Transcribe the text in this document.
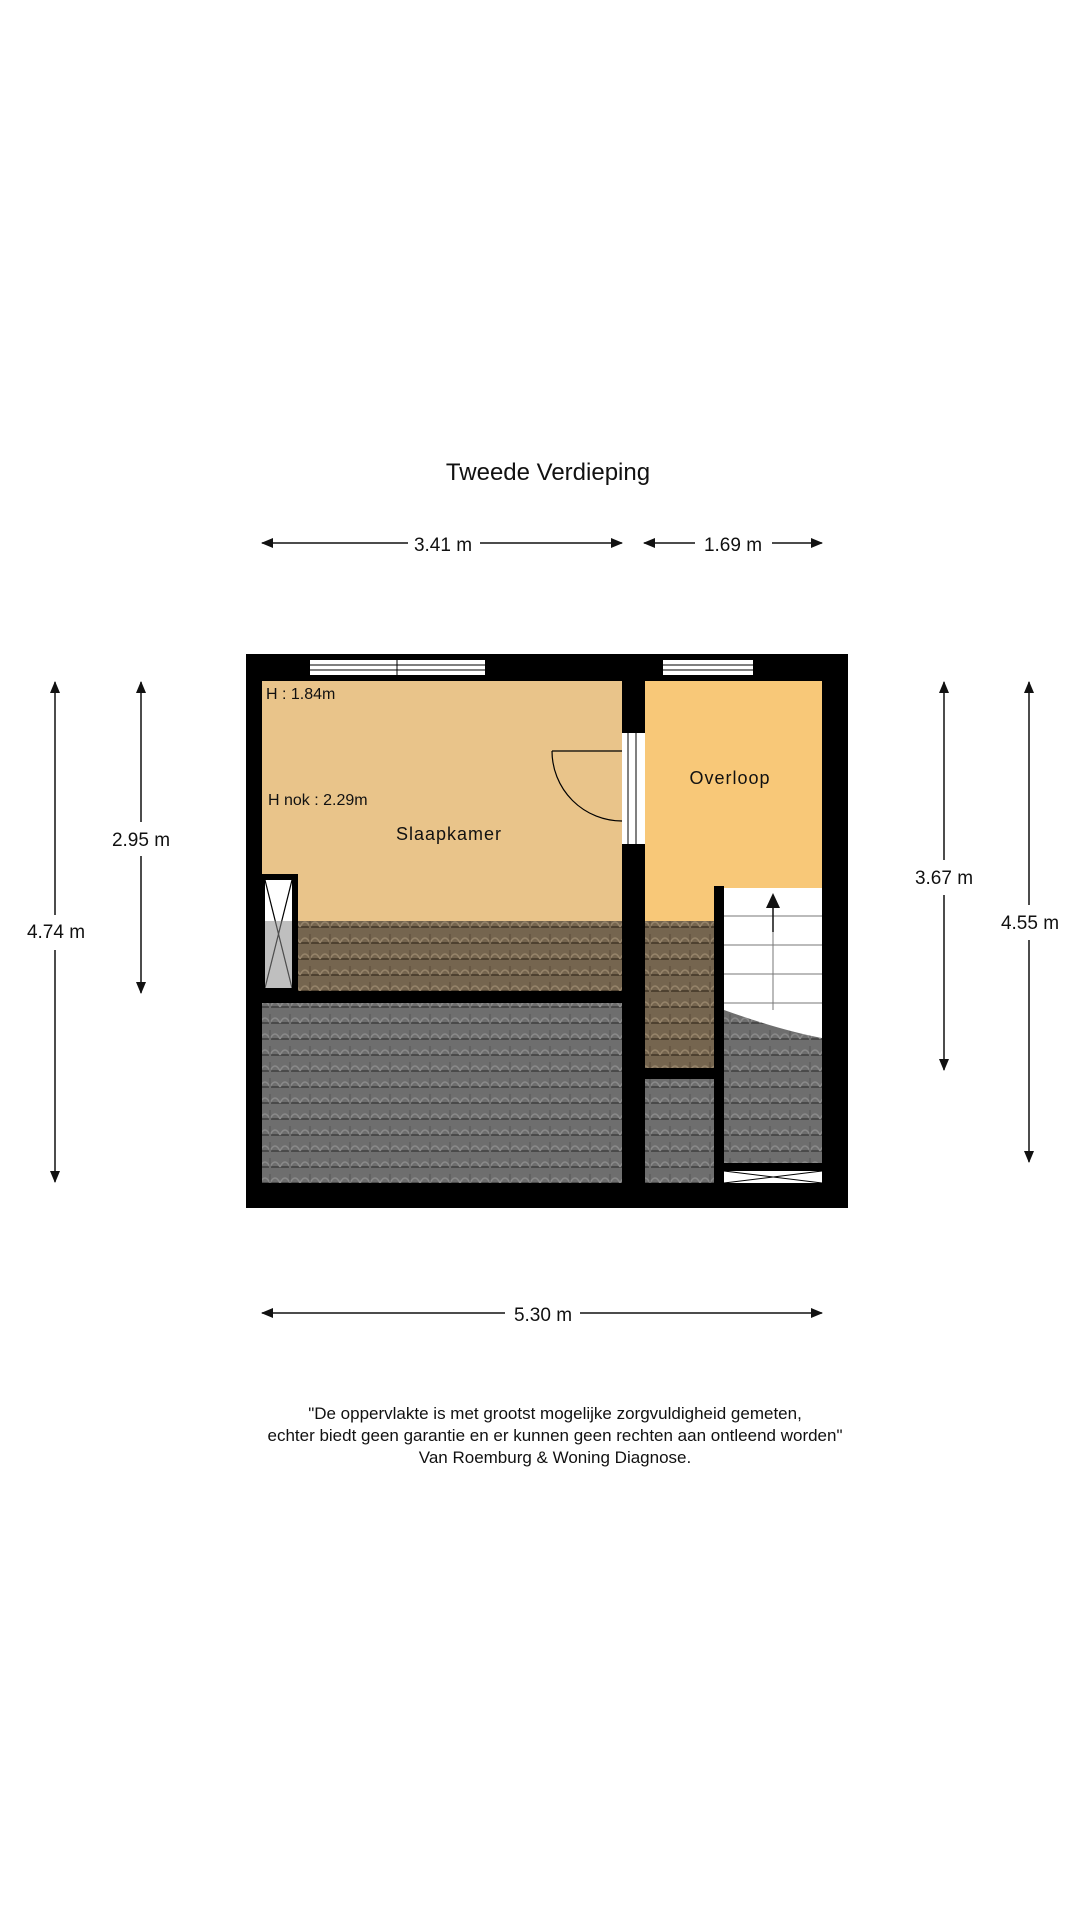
Tweede Verdieping
3.41 m	1.69 m
4.74 m
2.95 m
3.67 m
4.55 m
5.30 m
Slaapkamer
Overloop
H : 1.84m
H nok : 2.29m
"De oppervlakte is met grootst mogelijke zorgvuldigheid gemeten,
echter biedt geen garantie en er kunnen geen rechten aan ontleend worden"
Van Roemburg & Woning Diagnose.
